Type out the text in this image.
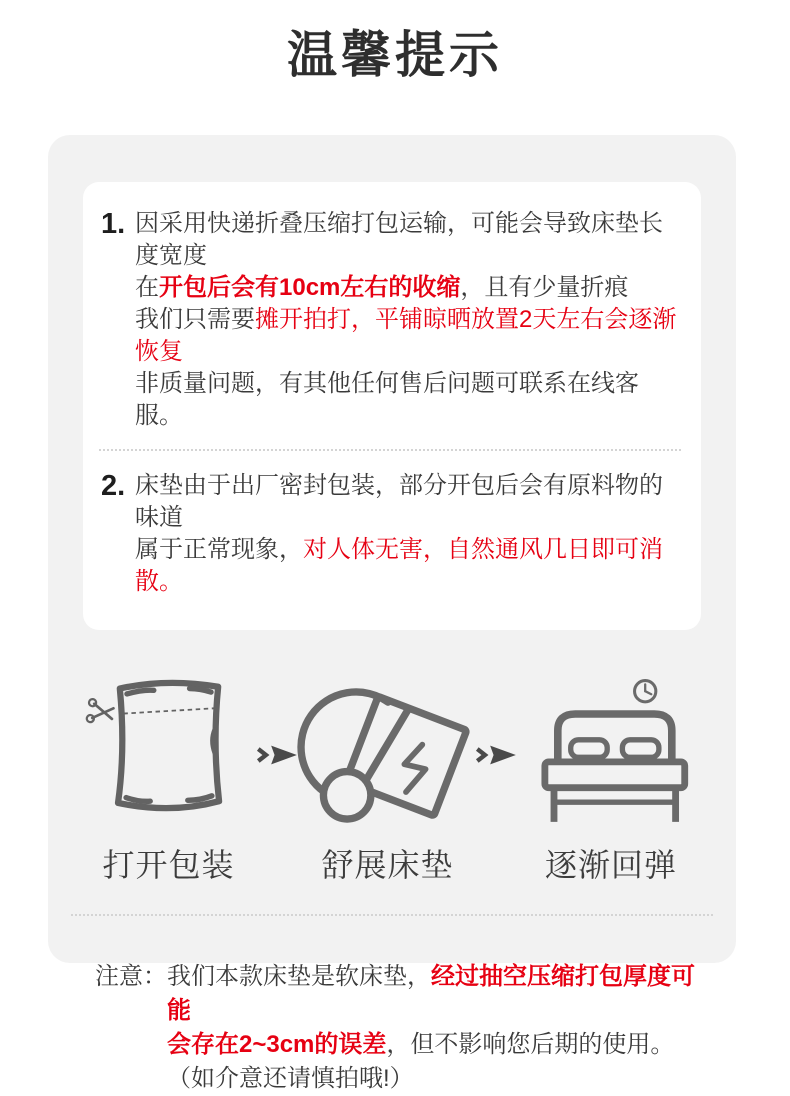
温馨提示
1. 因采用快递折叠压缩打包运输，可能会导致床垫长度宽度
在开包后会有10cm左右的收缩，且有少量折痕
我们只需要摊开拍打，平铺晾晒放置2天左右会逐渐恢复
非质量问题，有其他任何售后问题可联系在线客服。
2. 床垫由于出厂密封包装，部分开包后会有原料物的味道
属于正常现象，对人体无害，自然通风几日即可消散。
打开包装	舒展床垫	逐渐回弹
注意： 我们本款床垫是软床垫，经过抽空压缩打包厚度可能
会存在2~3cm的误差，但不影响您后期的使用。
（如介意还请慎拍哦!）
